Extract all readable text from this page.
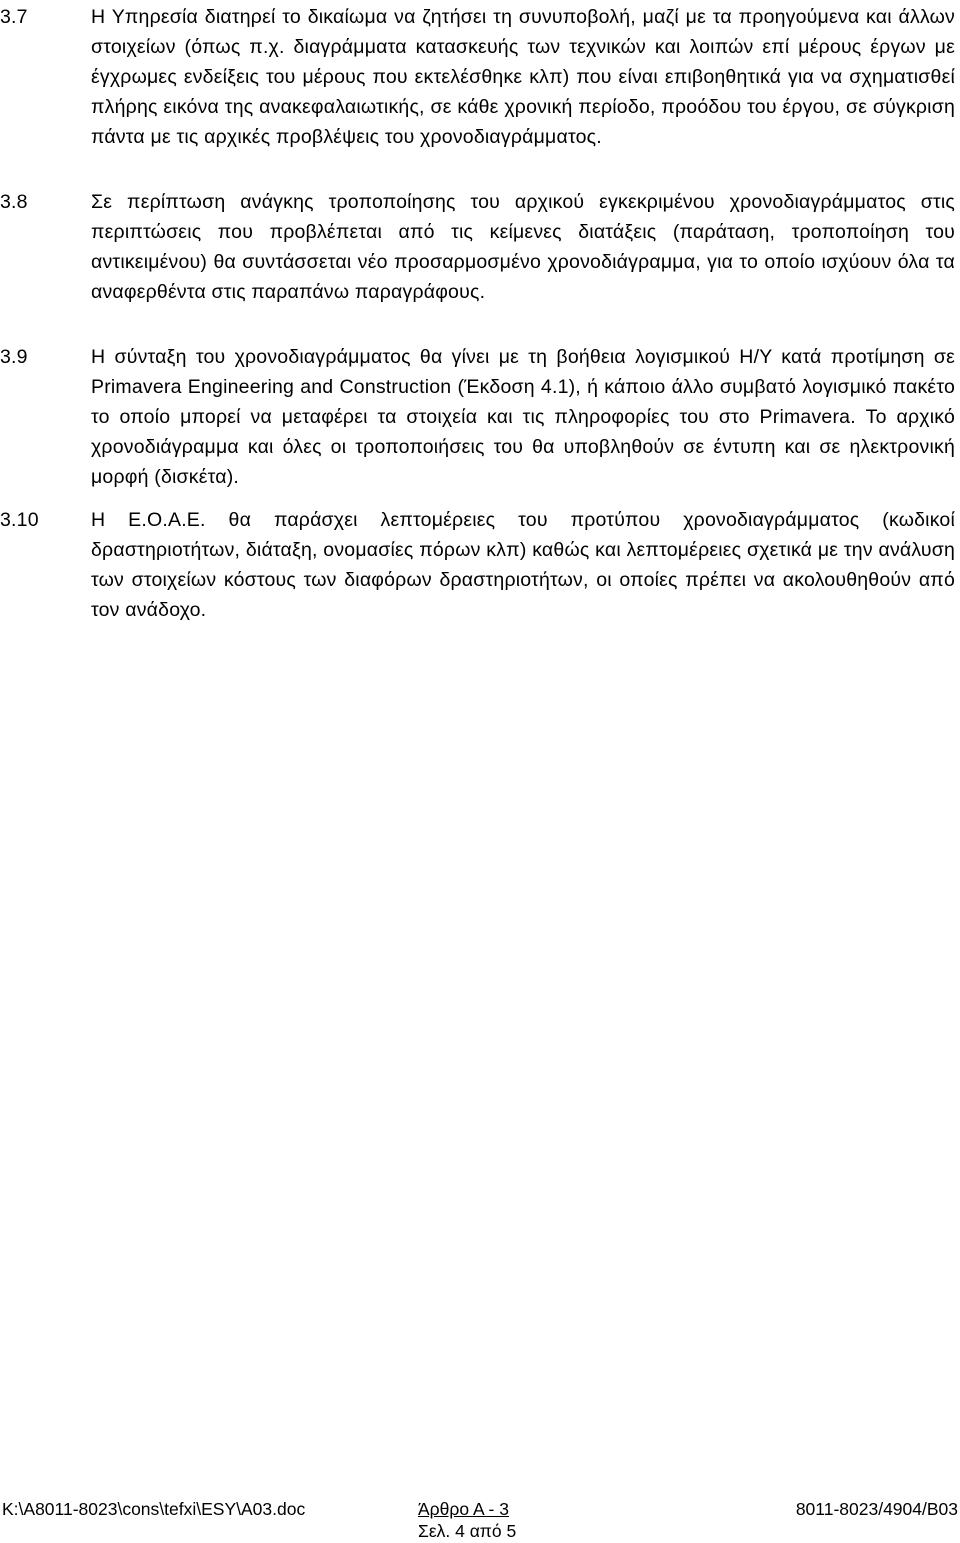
3.7	Η Υπηρεσία διατηρεί το δικαίωμα να ζητήσει τη συνυποβολή, μαζί με τα προηγούμενα και άλλων στοιχείων (όπως π.χ. διαγράμματα κατασκευής των τεχνικών και λοιπών επί μέρους έργων με έγχρωμες ενδείξεις του μέρους που εκτελέσθηκε κλπ) που είναι επιβοηθητικά για να σχηματισθεί πλήρης εικόνα της ανακεφαλαιωτικής, σε κάθε χρονική περίοδο, προόδου του έργου, σε σύγκριση πάντα με τις αρχικές προβλέψεις του χρονοδιαγράμματος.
3.8	Σε περίπτωση ανάγκης τροποποίησης του αρχικού εγκεκριμένου χρονοδιαγράμματος στις περιπτώσεις που προβλέπεται από τις κείμενες διατάξεις (παράταση, τροποποίηση του αντικειμένου) θα συντάσσεται νέο προσαρμοσμένο χρονοδιάγραμμα, για το οποίο ισχύουν όλα τα αναφερθέντα στις παραπάνω παραγράφους.
3.9	Η σύνταξη του χρονοδιαγράμματος θα γίνει με τη βοήθεια λογισμικού Η/Υ κατά προτίμηση σε Primavera Engineering and Construction (Έκδοση 4.1), ή κάποιο άλλο συμβατό λογισμικό πακέτο το οποίο μπορεί να μεταφέρει τα στοιχεία και τις πληροφορίες του στο Primavera. Το αρχικό χρονοδιάγραμμα και όλες οι τροποποιήσεις του θα υποβληθούν σε έντυπη και σε ηλεκτρονική μορφή (δισκέτα).
3.10	Η Ε.Ο.Α.Ε. θα παράσχει λεπτομέρειες του προτύπου χρονοδιαγράμματος (κωδικοί δραστηριοτήτων, διάταξη, ονομασίες πόρων κλπ) καθώς και λεπτομέρειες σχετικά με την ανάλυση των στοιχείων κόστους των διαφόρων δραστηριοτήτων, οι οποίες πρέπει να ακολουθηθούν από τον ανάδοχο.
K:\A8011-8023\cons\tefxi\ESY\A03.doc	Άρθρο Α - 3
Σελ. 4 από 5
8011-8023/4904/B03
